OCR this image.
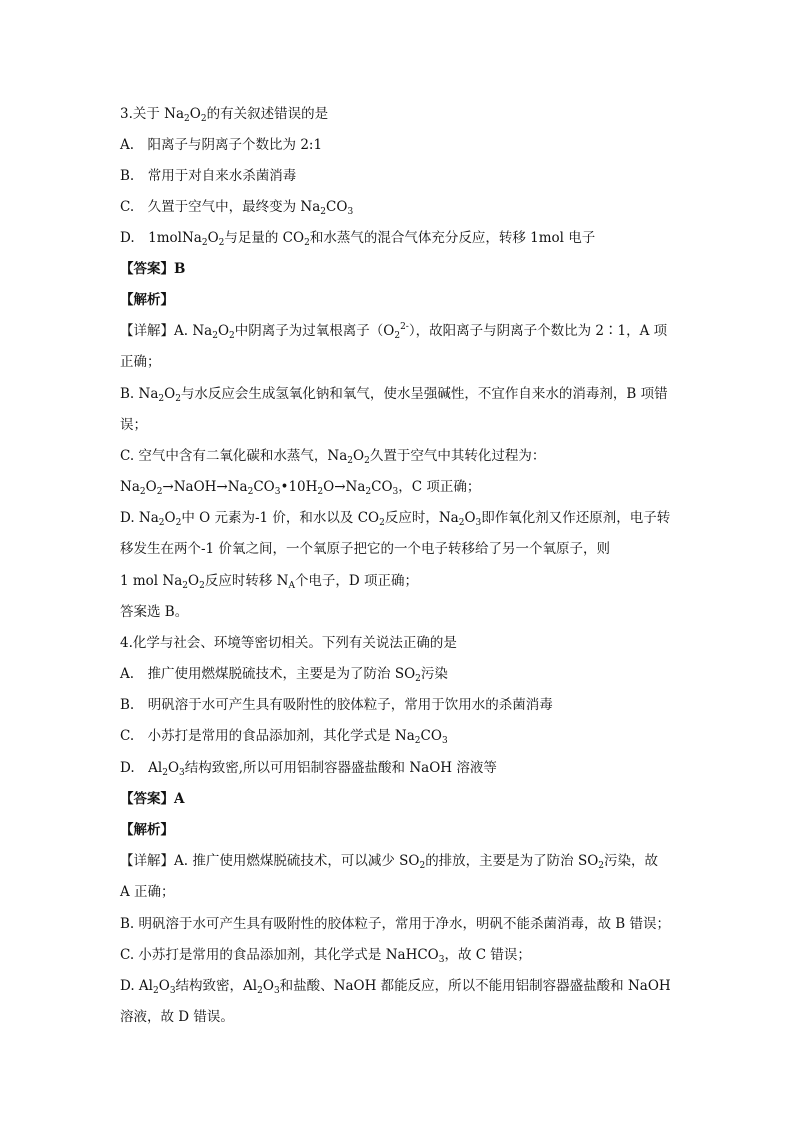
3.关于 $Na_2O_2$的有关叙述错误的是
A.　阳离子与阴离子个数比为 2:1
B.　常用于对自来水杀菌消毒
C.　久置于空气中，最终变为 $Na_2CO_3$
D.　$1molNa_2O_2$与足量的 $CO_2$和水蒸气的混合气体充分反应，转移 1mol 电子
【答案】B
【解析】
【详解】A. $Na_2O_2$中阴离子为过氧根离子$(O_2^{2-})$，故阳离子与阴离子个数比为 2∶1，A 项
正确；
B. $Na_2O_2$与水反应会生成氢氧化钠和氧气，使水呈强碱性，不宜作自来水的消毒剂，B 项错
误；
C. 空气中含有二氧化碳和水蒸气，$Na_2O_2$久置于空气中其转化过程为：
$Na_2O_2\to NaOH\to Na_2CO_3•10H_2O\to Na_2CO_3$，C 项正确；
D. $Na_2O_2$中 O 元素为-1 价，和水以及 $CO_2$反应时，$Na_2O_3$即作氧化剂又作还原剂，电子转
移发生在两个-1 价氧之间，一个氧原子把它的一个电子转移给了另一个氧原子，则
1 mol $Na_2O_2$反应时转移 $N_A$个电子，D 项正确；
答案选 B。
4.化学与社会、环境等密切相关。下列有关说法正确的是
A.　推广使用燃煤脱硫技术，主要是为了防治 $SO_2$污染
B.　明矾溶于水可产生具有吸附性的胶体粒子，常用于饮用水的杀菌消毒
C.　小苏打是常用的食品添加剂，其化学式是 $Na_2CO_3$
D.　$Al_2O_3$结构致密,所以可用铝制容器盛盐酸和 NaOH 溶液等
【答案】A
【解析】
【详解】A. 推广使用燃煤脱硫技术，可以减少 $SO_2$的排放，主要是为了防治 $SO_2$污染，故
A 正确；
B. 明矾溶于水可产生具有吸附性的胶体粒子，常用于净水，明矾不能杀菌消毒，故 B 错误；
C. 小苏打是常用的食品添加剂，其化学式是 NaHCO$_3$，故 C 错误；
D. $Al_2O_3$结构致密，$Al_2O_3$和盐酸、NaOH 都能反应，所以不能用铝制容器盛盐酸和 NaOH
溶液，故 D 错误。
